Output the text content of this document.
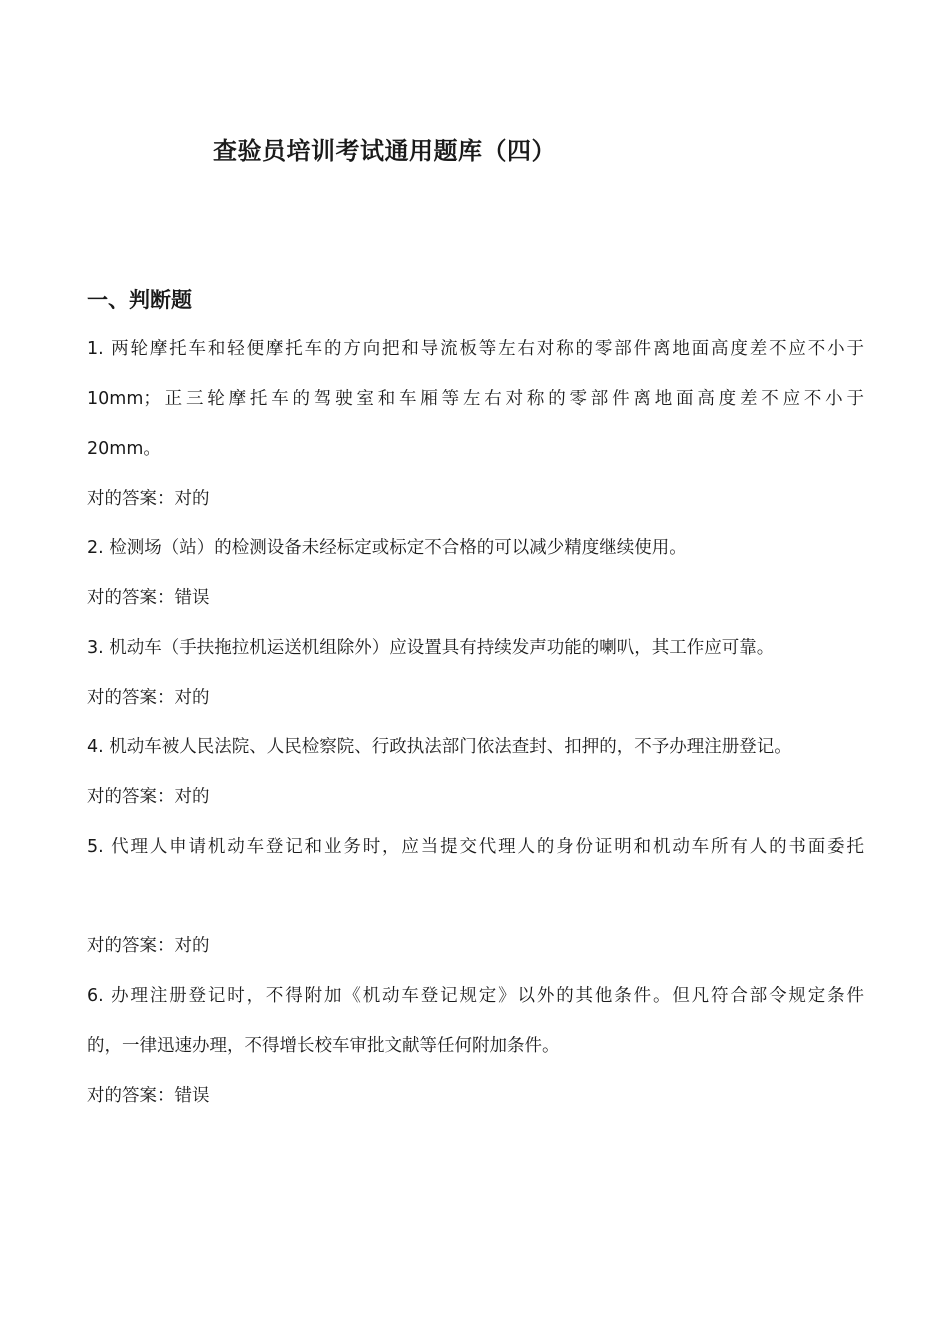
查验员培训考试通用题库（四）
一、判断题
1. 两轮摩托车和轻便摩托车的方向把和导流板等左右对称的零部件离地面高度差不应不小于
10mm；正三轮摩托车的驾驶室和车厢等左右对称的零部件离地面高度差不应不小于
20mm。
对的答案：对的
2. 检测场（站）的检测设备未经标定或标定不合格的可以减少精度继续使用。
对的答案：错误
3. 机动车（手扶拖拉机运送机组除外）应设置具有持续发声功能的喇叭，其工作应可靠。
对的答案：对的
4. 机动车被人民法院、人民检察院、行政执法部门依法查封、扣押的，不予办理注册登记。
对的答案：对的
5. 代理人申请机动车登记和业务时，应当提交代理人的身份证明和机动车所有人的书面委托
对的答案：对的
6. 办理注册登记时，不得附加《机动车登记规定》以外的其他条件。但凡符合部令规定条件
的，一律迅速办理，不得增长校车审批文献等任何附加条件。
对的答案：错误
